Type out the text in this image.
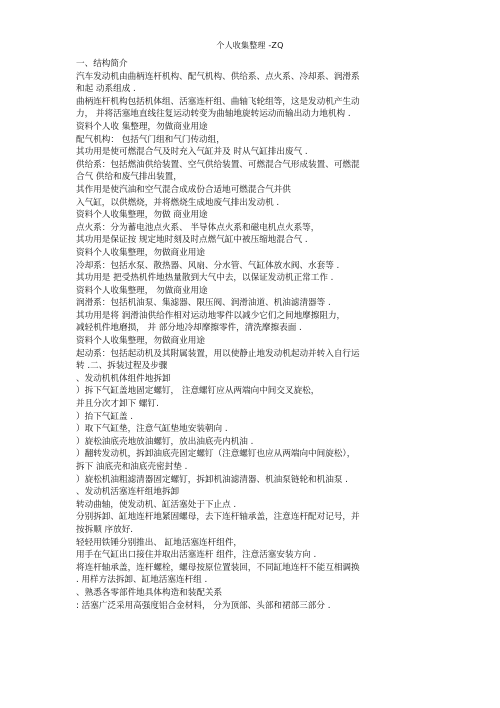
个人收集整理 -ZQ
一、结构简介
汽车发动机由曲柄连杆机构、配气机构、供给系、点火系、冷却系、润滑系
和起 动系组成 .
曲柄连杆机构包括机体组、活塞连杆组、曲轴飞轮组等，这是发动机产生动
力， 并将活塞地直线往复运动转变为曲轴地旋转运动而输出动力地机构 .
资料个人收 集整理，勿做商业用途
配气机构： 包括气门组和气门传动组，
其功用是使可燃混合气及时充入气缸并及 时从气缸排出废气 .
供给系：包括燃油供给装置、空气供给装置、可燃混合气形成装置、可燃混
合气 供给和废气排出装置，
其作用是使汽油和空气混合成成份合适地可燃混合气并供
入气缸，以供燃烧，并将燃烧生成地废气排出发动机 .
资料个人收集整理，勿做 商业用途
点火系：分为蓄电池点火系、 半导体点火系和磁电机点火系等，
其功用是保证按 规定地时刻及时点燃气缸中被压缩地混合气 .
资料个人收集整理，勿做商业用途
冷却系：包括水泵、散热器、风扇、分水管、气缸体放水阀、水套等 .
其功用是 把受热机件地热量散到大气中去，以保证发动机正常工作 .
资料个人收集整理， 勿做商业用途
润滑系：包括机油泵、集滤器、限压阀、润滑油道、机油滤清器等 .
其功用是将 润滑油供给作相对运动地零件以减少它们之间地摩擦阻力，
减轻机件地磨损， 并 部分地冷却摩擦零件，清洗摩擦表面 .
资料个人收集整理，勿做商业用途
起动系：包括起动机及其附属装置，用以使静止地发动机起动并转入自行运
转 .二、拆装过程及步骤
、发动机机体组件地拆卸
）拆下气缸盖地固定螺钉， 注意螺钉应从两端向中间交叉旋松，
并且分次才卸下 螺钉.
）抬下气缸盖 .
）取下气缸垫，注意气缸垫地安装朝向 .
）旋松油底壳地放油螺钉，放出油底壳内机油 .
）翻转发动机，拆卸油底壳固定螺钉（注意螺钉也应从两端向中间旋松），
拆下 油底壳和油底壳密封垫 .
）旋松机油粗滤清器固定螺钉，拆卸机油滤清器、机油泵链轮和机油泵 .
、发动机活塞连杆组地拆卸
转动曲轴，使发动机、缸活塞处于下止点 .
分别拆卸、缸地连杆地紧固螺母，去下连杆轴承盖，注意连杆配对记号，并
按拆顺 序放好.
轻轻用铁锤分别推出、 缸地活塞连杆组件，
用手在气缸出口接住并取出活塞连杆 组件，注意活塞安装方向 .
将连杆轴承盖，连杆螺栓，螺母按原位置装回，不同缸地连杆不能互相调换
. 用样方法拆卸、缸地活塞连杆组 .
、熟悉各零部件地具体构造和装配关系
: 活塞广泛采用高强度铝合金材料， 分为顶部、头部和裙部三部分 .
